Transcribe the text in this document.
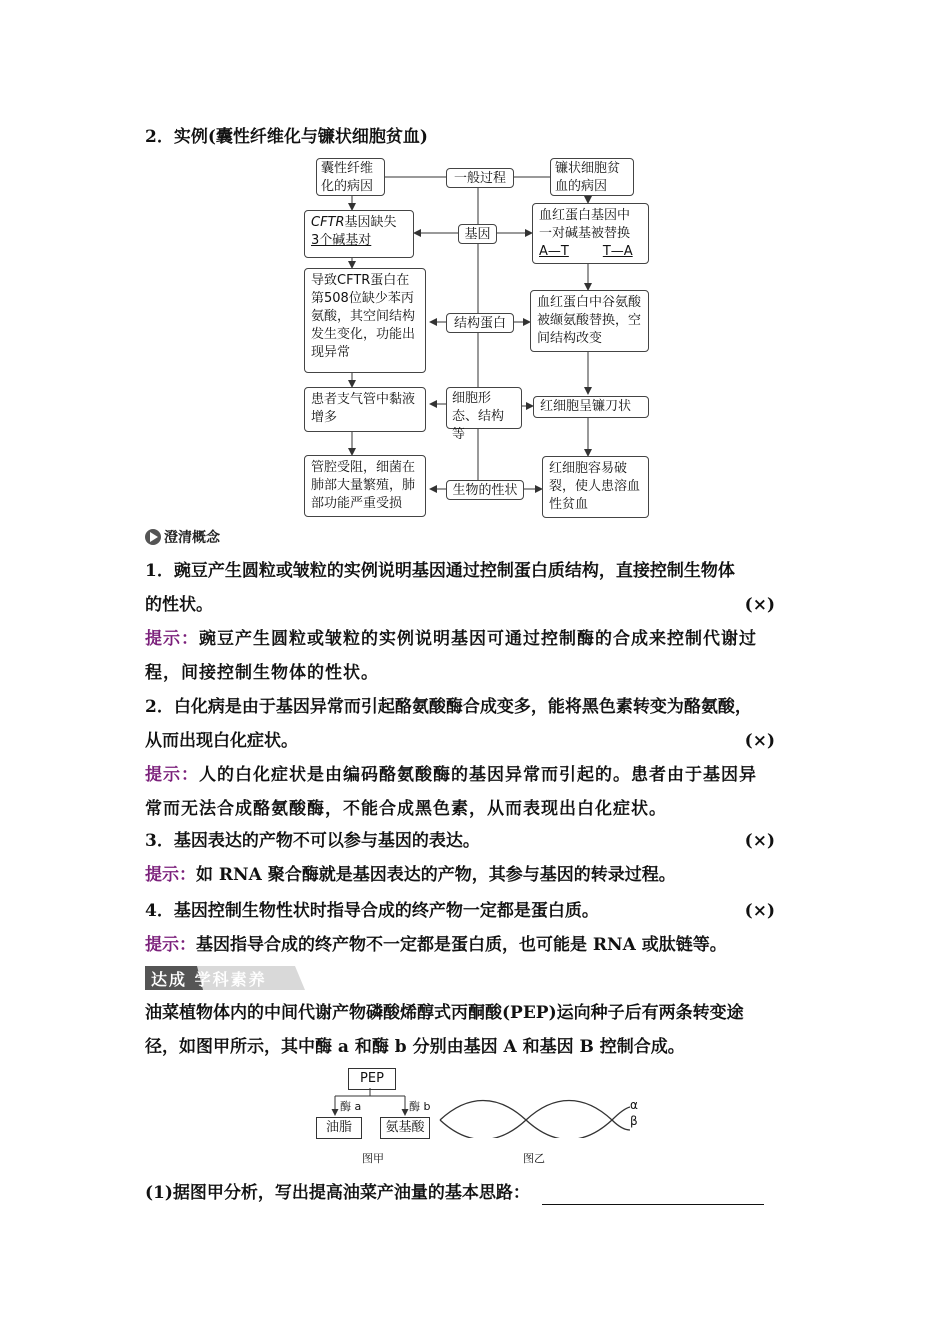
2．实例(囊性纤维化与镰状细胞贫血)
囊性纤维化的病因
一般过程
镰状细胞贫血的病因
CFTR基因缺失
3个碱基对	基因
血红蛋白基因中
一对碱基被替换
A—T	T—A
导致CFTR蛋白在第508位缺少苯丙氨酸，其空间结构发生变化，功能出现异常
结构蛋白
血红蛋白中谷氨酸被缬氨酸替换，空间结构改变
患者支气管中黏液增多
细胞形态、结构等
红细胞呈镰刀状
管腔受阻，细菌在肺部大量繁殖，肺部功能严重受损
生物的性状
红细胞容易破裂，使人患溶血性贫血
澄清概念
1．豌豆产生圆粒或皱粒的实例说明基因通过控制蛋白质结构，直接控制生物体
的性状。	(×)
提示：豌豆产生圆粒或皱粒的实例说明基因可通过控制酶的合成来控制代谢过
程，间接控制生物体的性状。
2．白化病是由于基因异常而引起酪氨酸酶合成变多，能将黑色素转变为酪氨酸，
从而出现白化症状。	(×)
提示：人的白化症状是由编码酪氨酸酶的基因异常而引起的。患者由于基因异
常而无法合成酪氨酸酶，不能合成黑色素，从而表现出白化症状。
3．基因表达的产物不可以参与基因的表达。	(×)
提示：如 RNA 聚合酶就是基因表达的产物，其参与基因的转录过程。
4．基因控制生物性状时指导合成的终产物一定都是蛋白质。	(×)
提示：基因指导合成的终产物不一定都是蛋白质，也可能是 RNA 或肽链等。
达成 学科素养
油菜植物体内的中间代谢产物磷酸烯醇式丙酮酸(PEP)运向种子后有两条转变途
径，如图甲所示，其中酶 a 和酶 b 分别由基因 A 和基因 B 控制合成。
PEP
酶 a	酶 b
油脂	氨基酸
图甲
α
β
图乙
(1)据图甲分析，写出提高油菜产油量的基本思路：
